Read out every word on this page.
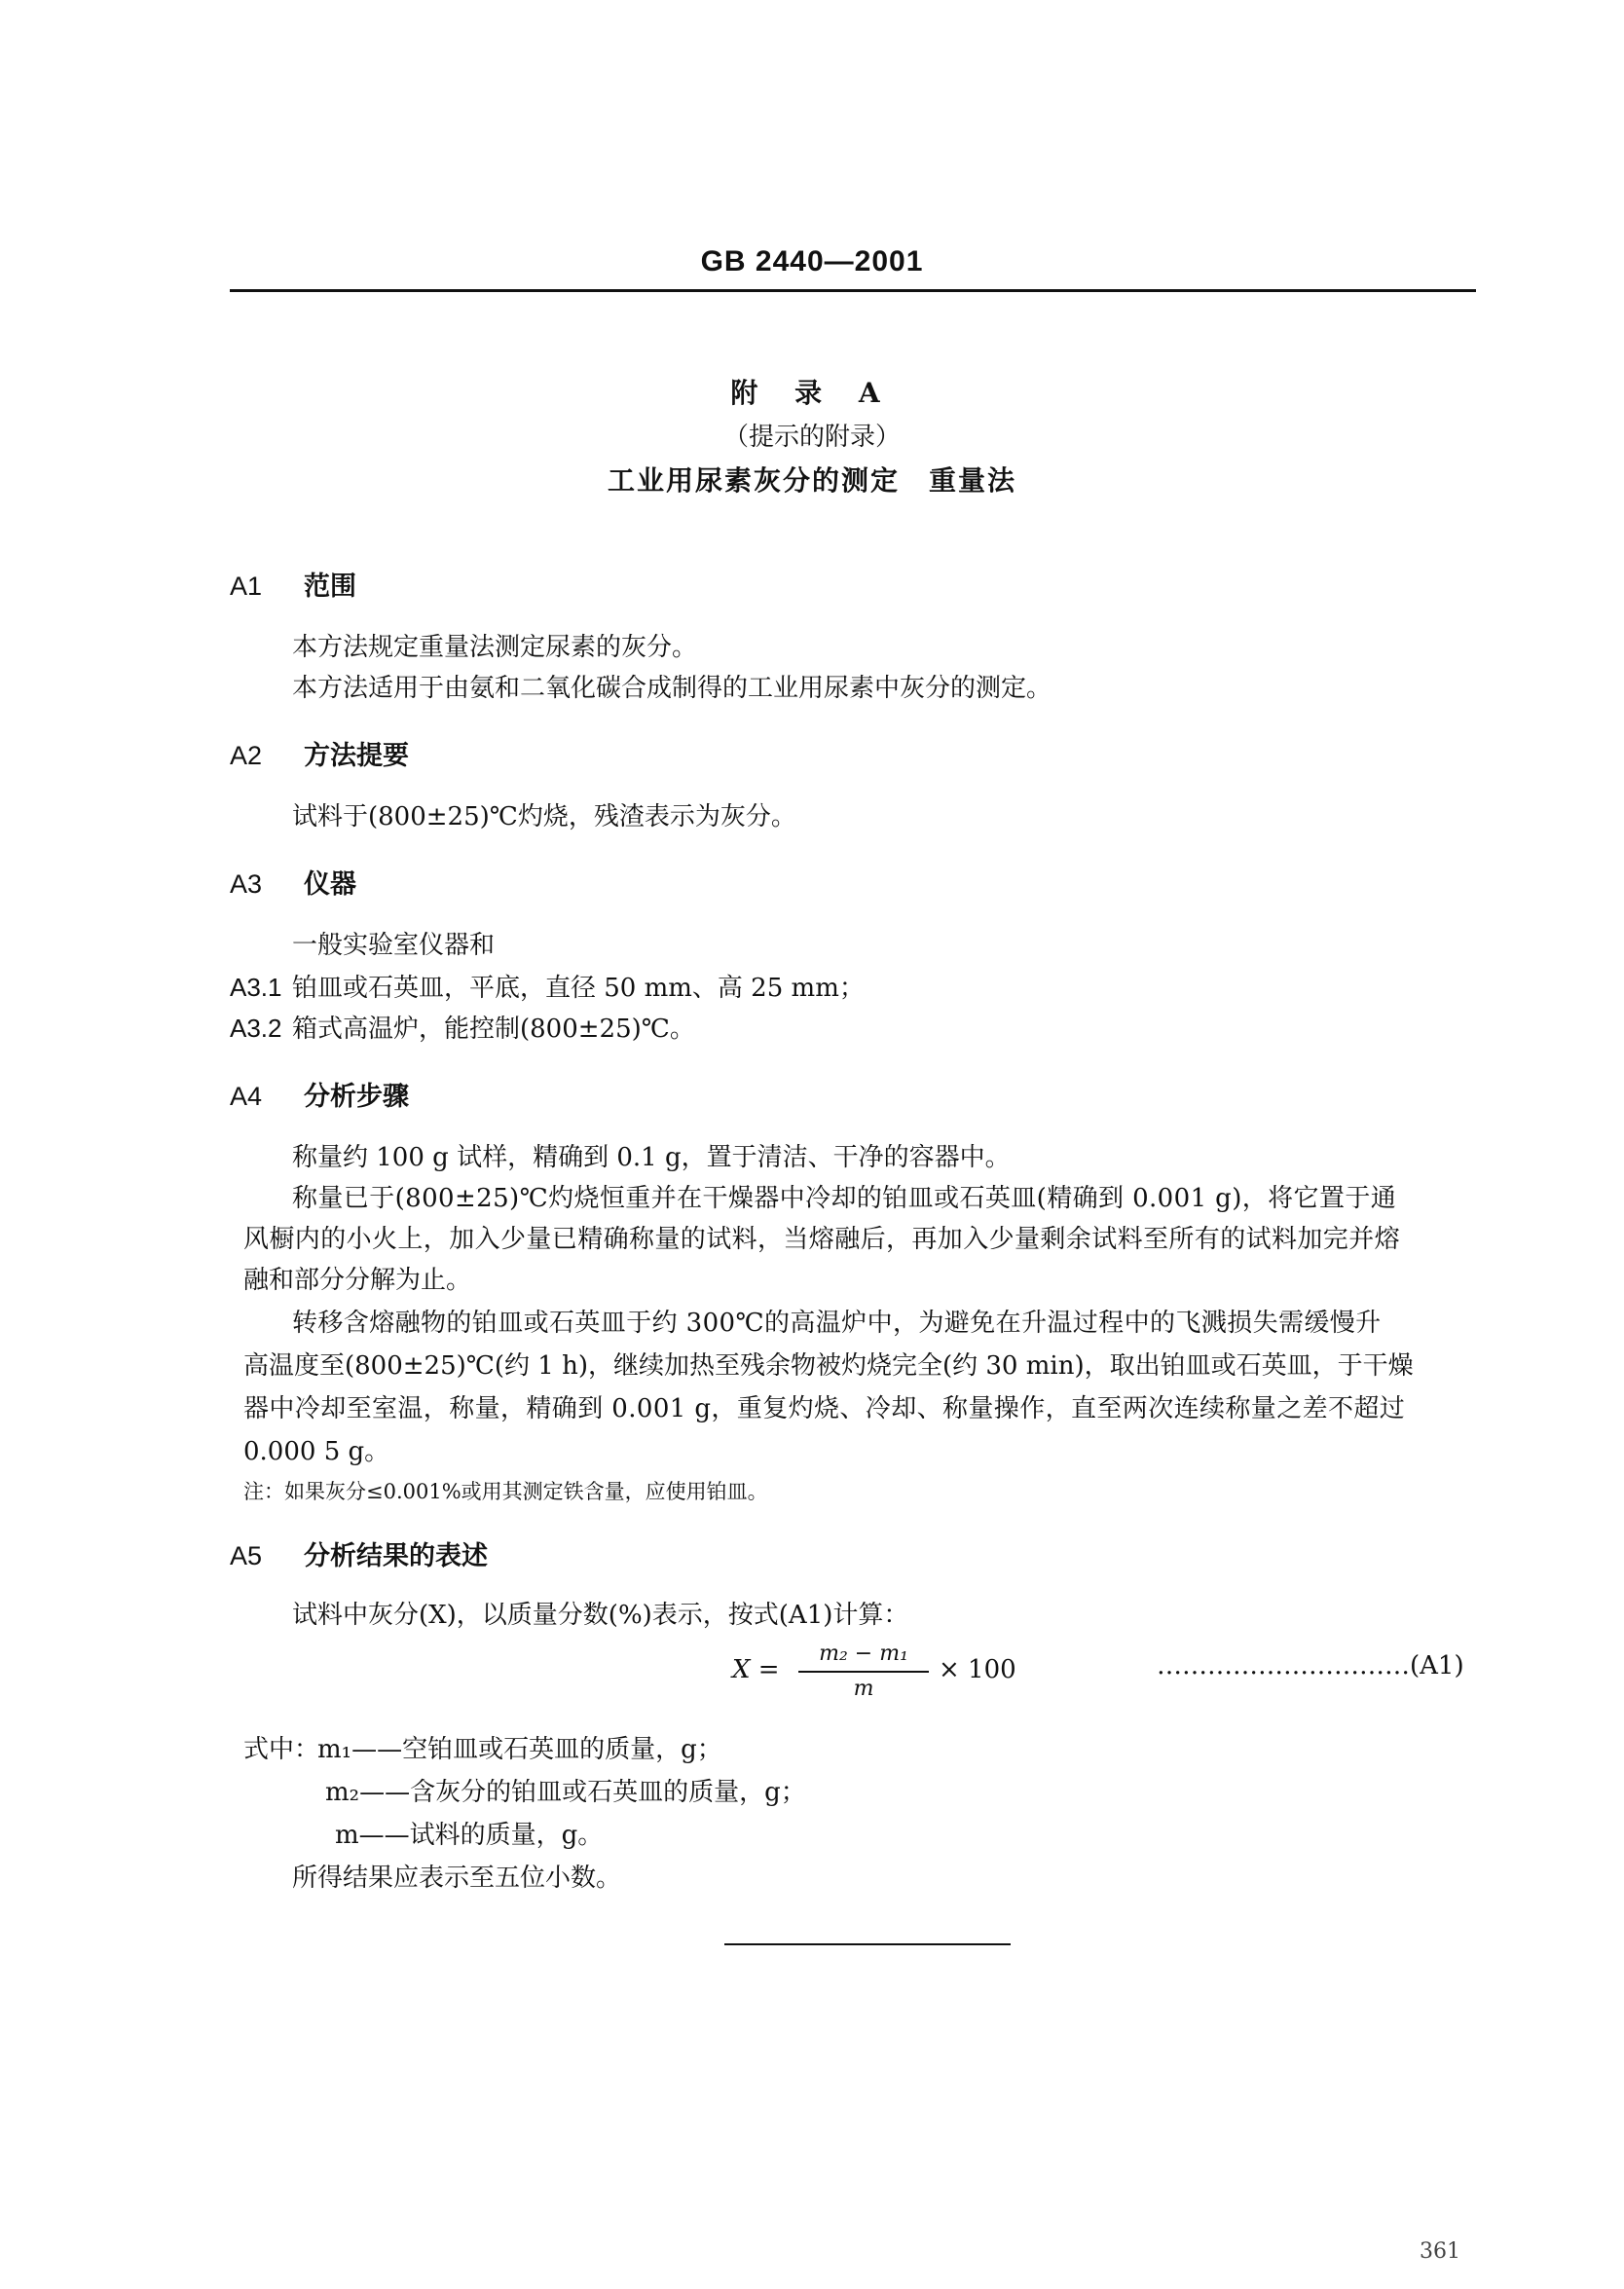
GB 2440—2001
附 录 A
（提示的附录）
工业用尿素灰分的测定　重量法
A1 范围
本方法规定重量法测定尿素的灰分。
本方法适用于由氨和二氧化碳合成制得的工业用尿素中灰分的测定。
A2 方法提要
试料于(800±25)℃灼烧，残渣表示为灰分。
A3 仪器
一般实验室仪器和
A3.1 铂皿或石英皿，平底，直径 50 mm、高 25 mm；
A3.2 箱式高温炉，能控制(800±25)℃。
A4 分析步骤
称量约 100 g 试样，精确到 0.1 g，置于清洁、干净的容器中。
称量已于(800±25)℃灼烧恒重并在干燥器中冷却的铂皿或石英皿(精确到 0.001 g)，将它置于通
风橱内的小火上，加入少量已精确称量的试料，当熔融后，再加入少量剩余试料至所有的试料加完并熔
融和部分分解为止。
转移含熔融物的铂皿或石英皿于约 300℃的高温炉中，为避免在升温过程中的飞溅损失需缓慢升
高温度至(800±25)℃(约 1 h)，继续加热至残余物被灼烧完全(约 30 min)，取出铂皿或石英皿，于干燥
器中冷却至室温，称量，精确到 0.001 g，重复灼烧、冷却、称量操作，直至两次连续称量之差不超过
0.000 5 g。
注：如果灰分≤0.001%或用其测定铁含量，应使用铂皿。
A5 分析结果的表述
试料中灰分(X)，以质量分数(%)表示，按式(A1)计算：
X =
m₂ − m₁
m
× 100	…………………………(A1)
式中：
m₁——空铂皿或石英皿的质量，g；
m₂——含灰分的铂皿或石英皿的质量，g；
m——试料的质量，g。
所得结果应表示至五位小数。
361
